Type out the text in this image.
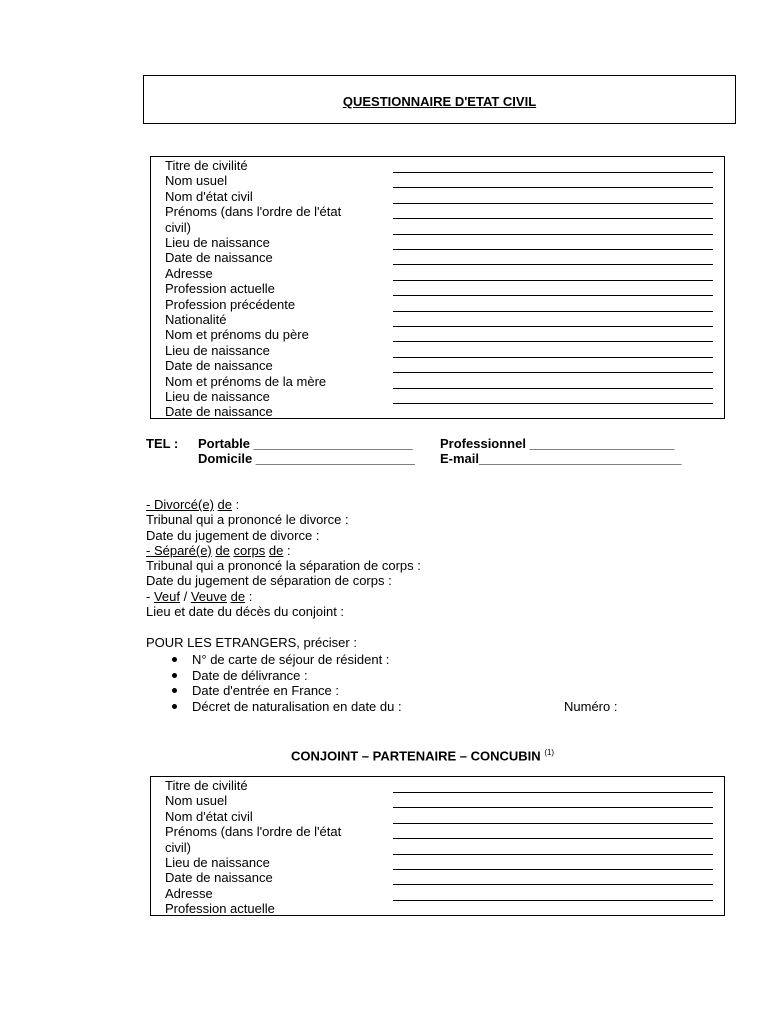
QUESTIONNAIRE D'ETAT CIVIL
Titre de civilité
Nom usuel
Nom d'état civil
Prénoms (dans l'ordre de l'état
civil)
Lieu de naissance
Date de naissance
Adresse
Profession actuelle
Profession précédente
Nationalité
Nom et prénoms du père
Lieu de naissance
Date de naissance
Nom et prénoms de la mère
Lieu de naissance
Date de naissance
TEL : Portable ______________________ Professionnel ____________________
Domicile ______________________ E-mail____________________________
- Divorcé(e) de :
Tribunal qui a prononcé le divorce :
Date du jugement de divorce :
- Séparé(e) de corps de :
Tribunal qui a prononcé la séparation de corps :
Date du jugement de séparation de corps :
- Veuf / Veuve de :
Lieu et date du décès du conjoint :
POUR LES ETRANGERS, préciser :
N° de carte de séjour de résident :
Date de délivrance :
Date d'entrée en France :
Décret de naturalisation en date du :	Numéro :
CONJOINT – PARTENAIRE – CONCUBIN $^{(1)}$
Titre de civilité
Nom usuel
Nom d'état civil
Prénoms (dans l'ordre de l'état
civil)
Lieu de naissance
Date de naissance
Adresse
Profession actuelle
